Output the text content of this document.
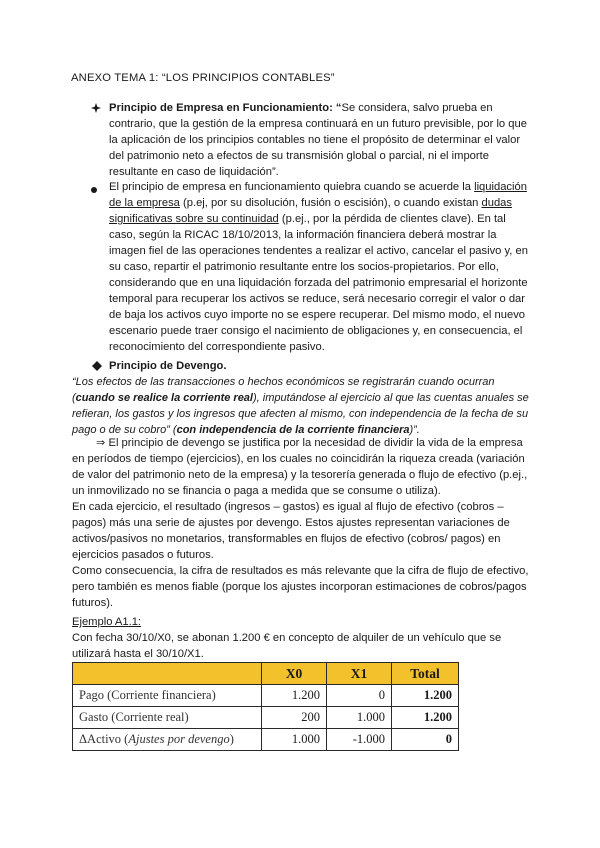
ANEXO TEMA 1: “LOS PRINCIPIOS CONTABLES”
Principio de Empresa en Funcionamiento: “Se considera, salvo prueba en contrario, que la gestión de la empresa continuará en un futuro previsible, por lo que la aplicación de los principios contables no tiene el propósito de determinar el valor del patrimonio neto a efectos de su transmisión global o parcial, ni el importe resultante en caso de liquidación”.
El principio de empresa en funcionamiento quiebra cuando se acuerde la liquidación de la empresa (p.ej, por su disolución, fusión o escisión), o cuando existan dudas significativas sobre su continuidad (p.ej., por la pérdida de clientes clave). En tal caso, según la RICAC 18/10/2013, la información financiera deberá mostrar la imagen fiel de las operaciones tendentes a realizar el activo, cancelar el pasivo y, en su caso, repartir el patrimonio resultante entre los socios-propietarios. Por ello, considerando que en una liquidación forzada del patrimonio empresarial el horizonte temporal para recuperar los activos se reduce, será necesario corregir el valor o dar de baja los activos cuyo importe no se espere recuperar. Del mismo modo, el nuevo escenario puede traer consigo el nacimiento de obligaciones y, en consecuencia, el reconocimiento del correspondiente pasivo.
Principio de Devengo.
“Los efectos de las transacciones o hechos económicos se registrarán cuando ocurran (cuando se realice la corriente real), imputándose al ejercicio al que las cuentas anuales se refieran, los gastos y los ingresos que afecten al mismo, con independencia de la fecha de su pago o de su cobro” (con independencia de la corriente financiera)”.
⇒ El principio de devengo se justifica por la necesidad de dividir la vida de la empresa en períodos de tiempo (ejercicios), en los cuales no coincidirán la riqueza creada (variación de valor del patrimonio neto de la empresa) y la tesorería generada o flujo de efectivo (p.ej., un inmovilizado no se financia o paga a medida que se consume o utiliza).
En cada ejercicio, el resultado (ingresos – gastos) es igual al flujo de efectivo (cobros – pagos) más una serie de ajustes por devengo. Estos ajustes representan variaciones de activos/pasivos no monetarios, transformables en flujos de efectivo (cobros/ pagos) en ejercicios pasados o futuros.
Como consecuencia, la cifra de resultados es más relevante que la cifra de flujo de efectivo, pero también es menos fiable (porque los ajustes incorporan estimaciones de cobros/pagos futuros).
Ejemplo A1.1:
Con fecha 30/10/X0, se abonan 1.200 € en concepto de alquiler de un vehículo que se utilizará hasta el 30/10/X1.
	X0	X1	Total
Pago (Corriente financiera)	1.200	0	1.200
Gasto (Corriente real)	200	1.000	1.200
ΔActivo (Ajustes por devengo)	1.000	-1.000	0
